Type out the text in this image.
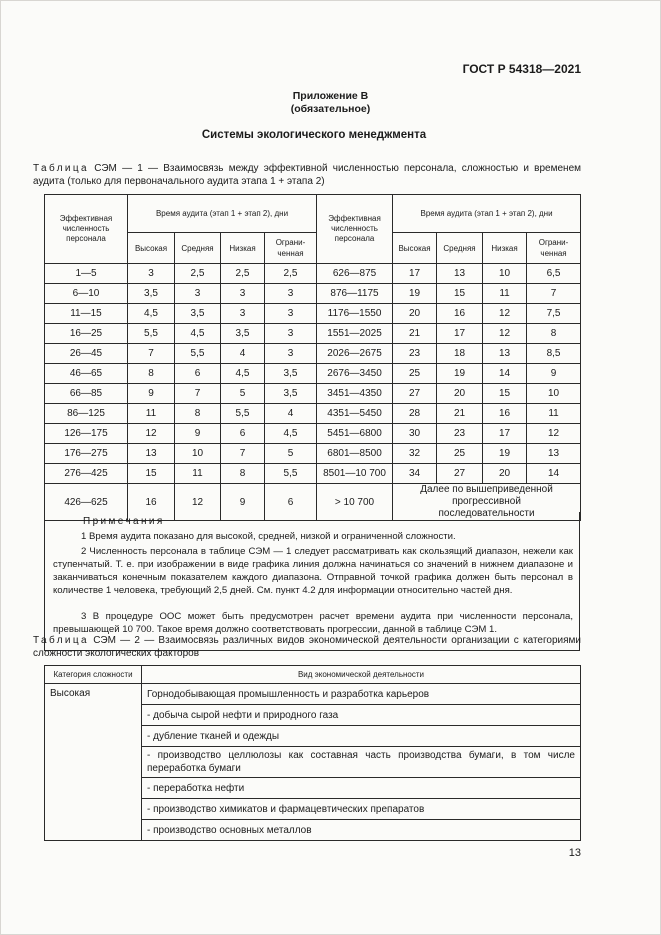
ГОСТ Р 54318—2021
Приложение В
(обязательное)
Системы экологического менеджмента
Таблица СЭМ — 1 — Взаимосвязь между эффективной численностью персонала, сложностью и временем аудита (только для первоначального аудита этапа 1 + этапа 2)
Эффективная численность персонала	Время аудита (этап 1 + этап 2), дни				Эффективная численность персонала	Время аудита (этап 1 + этап 2), дни			
	Высокая	Средняя	Низкая	Ограниченная		Высокая	Средняя	Низкая	Ограниченная
1—5	3	2,5	2,5	2,5	626—875	17	13	10	6,5
6—10	3,5	3	3	3	876—1175	19	15	11	7
11—15	4,5	3,5	3	3	1176—1550	20	16	12	7,5
16—25	5,5	4,5	3,5	3	1551—2025	21	17	12	8
26—45	7	5,5	4	3	2026—2675	23	18	13	8,5
46—65	8	6	4,5	3,5	2676—3450	25	19	14	9
66—85	9	7	5	3,5	3451—4350	27	20	15	10
86—125	11	8	5,5	4	4351—5450	28	21	16	11
126—175	12	9	6	4,5	5451—6800	30	23	17	12
176—275	13	10	7	5	6801—8500	32	25	19	13
276—425	15	11	8	5,5	8501—10 700	34	27	20	14
426—625	16	12	9	6	> 10 700	Далее по вышеприведенной прогрессивной последовательности			
Примечания
1 Время аудита показано для высокой, средней, низкой и ограниченной сложности.
2 Численность персонала в таблице СЭМ — 1 следует рассматривать как скользящий диапазон, нежели как ступенчатый. Т. е. при изображении в виде графика линия должна начинаться со значений в нижнем диапазоне и заканчиваться конечным показателем каждого диапазона. Отправной точкой графика должен быть персонал в количестве 1 человека, требующий 2,5 дней. См. пункт 4.2 для информации относительно частей дня.
3 В процедуре ООС может быть предусмотрен расчет времени аудита при численности персонала, превышающей 10 700. Такое время должно соответствовать прогрессии, данной в таблице СЭМ 1.
Таблица СЭМ — 2 — Взаимосвязь различных видов экономической деятельности организации с категориями сложности экологических факторов
Категория сложности	Вид экономической деятельности
Высокая	Горнодобывающая промышленность и разработка карьеров
	- добыча сырой нефти и природного газа
	- дубление тканей и одежды
	- производство целлюлозы как составная часть производства бумаги, в том числе переработка бумаги
	- переработка нефти
	- производство химикатов и фармацевтических препаратов
	- производство основных металлов
13
